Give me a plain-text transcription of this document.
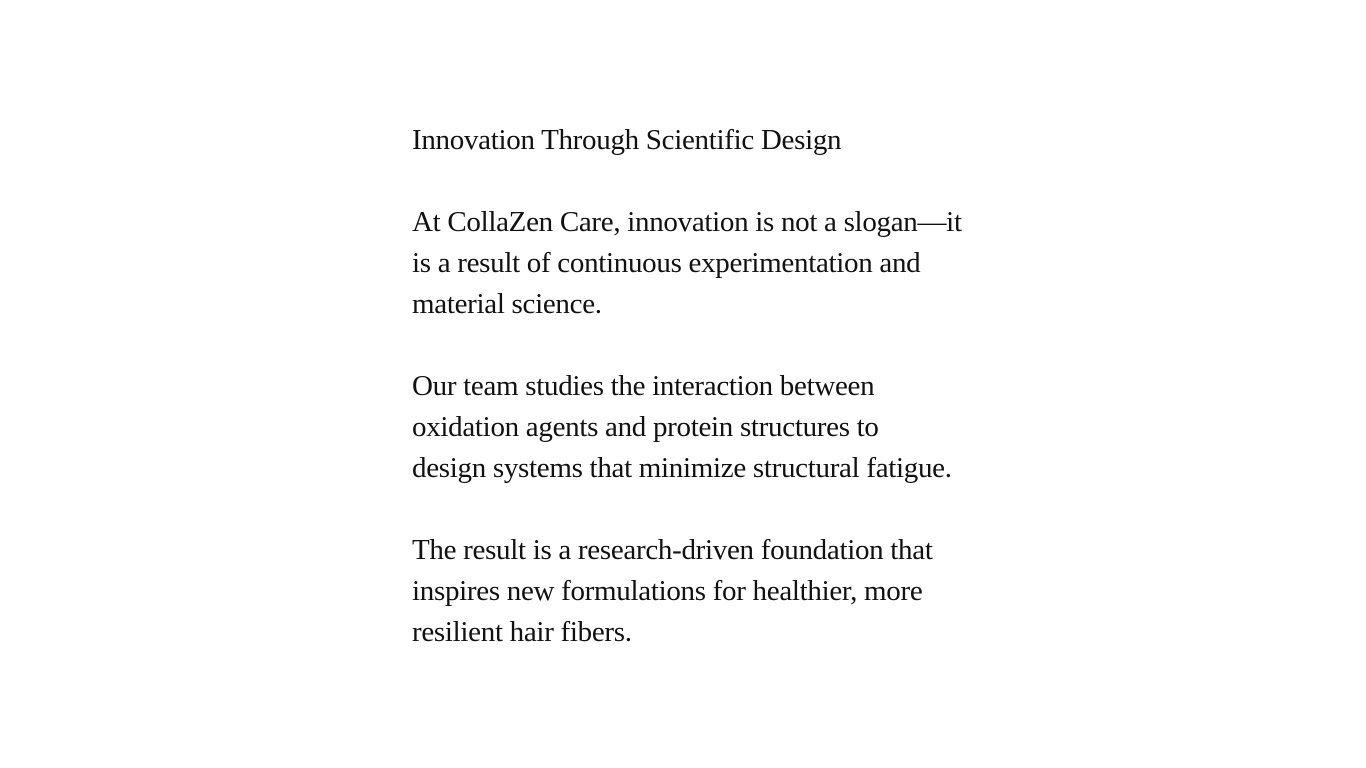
Innovation Through Scientific Design

At CollaZen Care, innovation is not a slogan—it
is a result of continuous experimentation and
material science.

Our team studies the interaction between
oxidation agents and protein structures to
design systems that minimize structural fatigue.

The result is a research-driven foundation that
inspires new formulations for healthier, more
resilient hair fibers.
